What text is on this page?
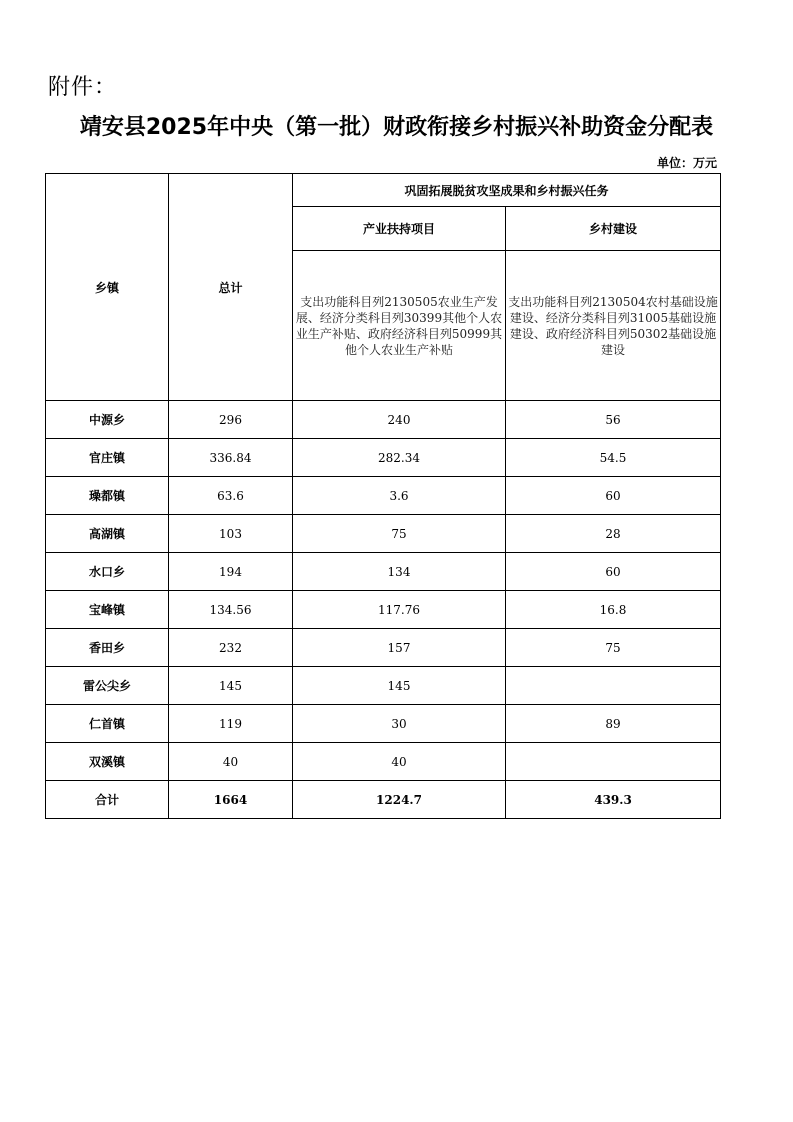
附件：
靖安县2025年中央（第一批）财政衔接乡村振兴补助资金分配表
单位：万元
乡镇	总计	巩固拓展脱贫攻坚成果和乡村振兴任务	
		产业扶持项目	乡村建设
		支出功能科目列2130505农业生产发展、经济分类科目列30399其他个人农业生产补贴、政府经济科目列50999其他个人农业生产补贴	支出功能科目列2130504农村基础设施建设、经济分类科目列31005基础设施建设、政府经济科目列50302基础设施建设
中源乡	296	240	56
官庄镇	336.84	282.34	54.5
璪都镇	63.6	3.6	60
高湖镇	103	75	28
水口乡	194	134	60
宝峰镇	134.56	117.76	16.8
香田乡	232	157	75
雷公尖乡	145	145	
仁首镇	119	30	89
双溪镇	40	40	
合计	1664	1224.7	439.3
